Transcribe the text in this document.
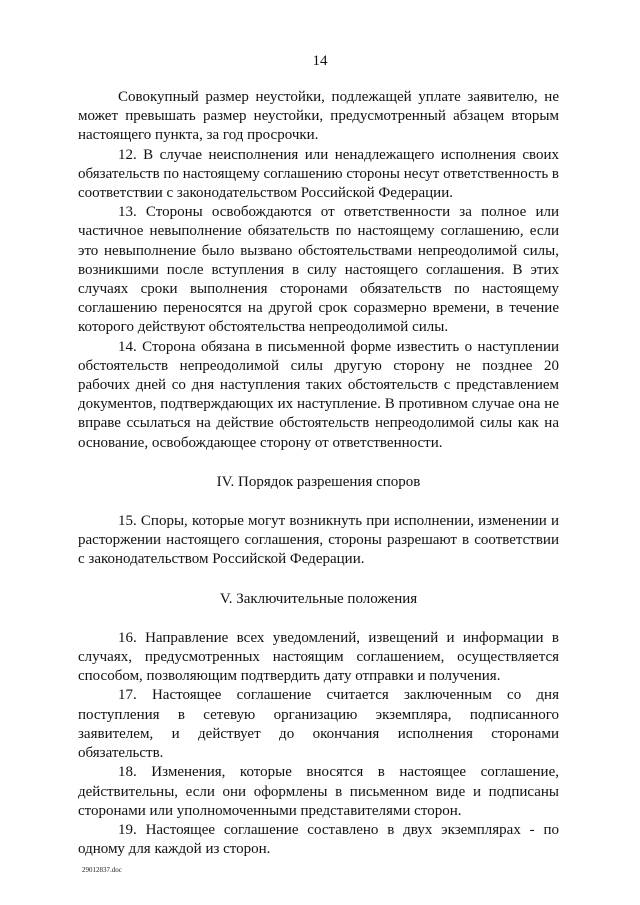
14

Совокупный размер неустойки, подлежащей уплате заявителю, не может превышать размер неустойки, предусмотренный абзацем вторым настоящего пункта, за год просрочки.

12. В случае неисполнения или ненадлежащего исполнения своих обязательств по настоящему соглашению стороны несут ответственность в соответствии с законодательством Российской Федерации.

13. Стороны освобождаются от ответственности за полное или частичное невыполнение обязательств по настоящему соглашению, если это невыполнение было вызвано обстоятельствами непреодолимой силы, возникшими после вступления в силу настоящего соглашения. В этих случаях сроки выполнения сторонами обязательств по настоящему соглашению переносятся на другой срок соразмерно времени, в течение которого действуют обстоятельства непреодолимой силы.

14. Сторона обязана в письменной форме известить о наступлении обстоятельств непреодолимой силы другую сторону не позднее 20 рабочих дней со дня наступления таких обстоятельств с представлением документов, подтверждающих их наступление. В противном случае она не вправе ссылаться на действие обстоятельств непреодолимой силы как на основание, освобождающее сторону от ответственности.

IV. Порядок разрешения споров

15. Споры, которые могут возникнуть при исполнении, изменении и расторжении настоящего соглашения, стороны разрешают в соответствии с законодательством Российской Федерации.

V. Заключительные положения

16. Направление всех уведомлений, извещений и информации в случаях, предусмотренных настоящим соглашением, осуществляется способом, позволяющим подтвердить дату отправки и получения.

17. Настоящее соглашение считается заключенным со дня поступления в сетевую организацию экземпляра, подписанного заявителем, и действует до окончания исполнения сторонами обязательств.

18. Изменения, которые вносятся в настоящее соглашение, действительны, если они оформлены в письменном виде и подписаны сторонами или уполномоченными представителями сторон.

19. Настоящее соглашение составлено в двух экземплярах - по одному для каждой из сторон.

29012837.doc
